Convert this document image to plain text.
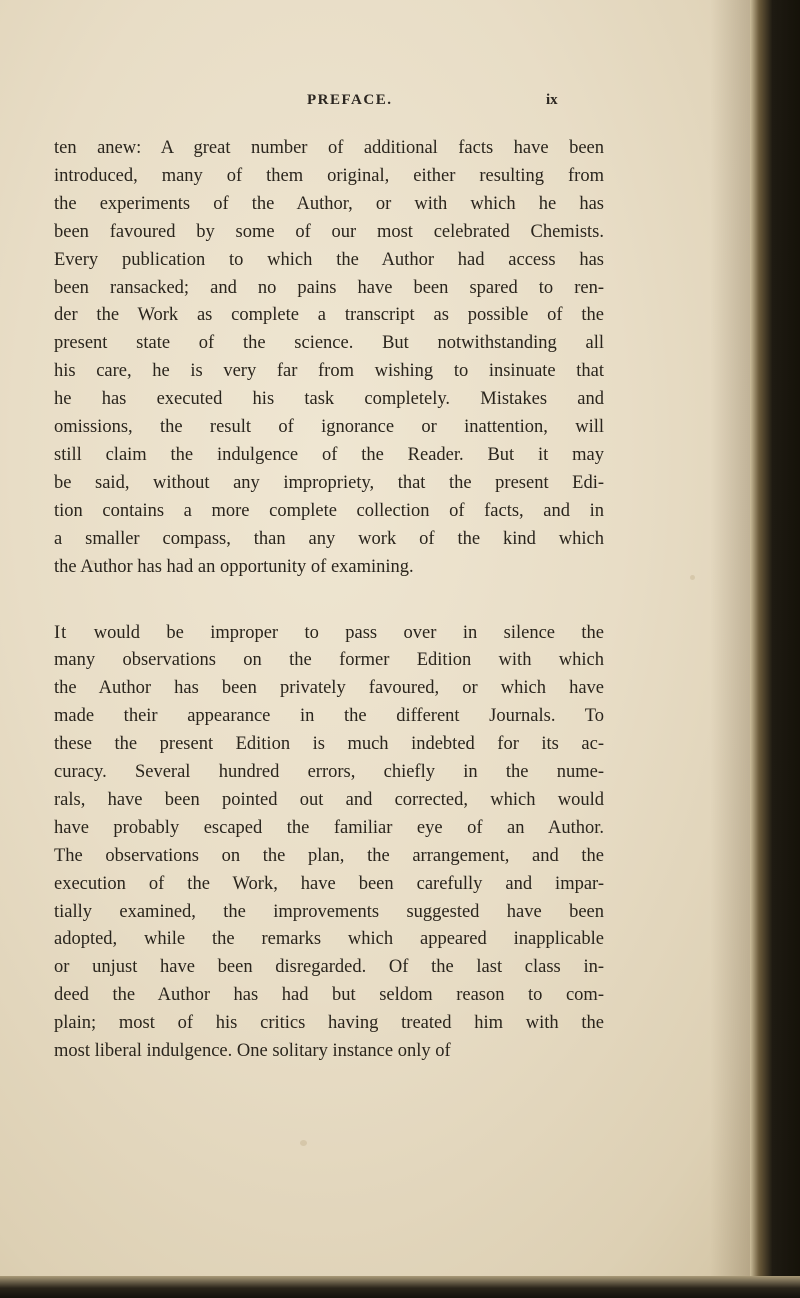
PREFACE.	ix
ten anew: A great number of additional facts have been
introduced, many of them original, either resulting from
the experiments of the Author, or with which he has
been favoured by some of our most celebrated Chemists.
Every publication to which the Author had access has
been ransacked; and no pains have been spared to ren-
der the Work as complete a transcript as possible of the
present state of the science. But notwithstanding all
his care, he is very far from wishing to insinuate that
he has executed his task completely. Mistakes and
omissions, the result of ignorance or inattention, will
still claim the indulgence of the Reader. But it may
be said, without any impropriety, that the present Edi-
tion contains a more complete collection of facts, and in
a smaller compass, than any work of the kind which
the Author has had an opportunity of examining.
It would be improper to pass over in silence the
many observations on the former Edition with which
the Author has been privately favoured, or which have
made their appearance in the different Journals. To
these the present Edition is much indebted for its ac-
curacy. Several hundred errors, chiefly in the nume-
rals, have been pointed out and corrected, which would
have probably escaped the familiar eye of an Author.
The observations on the plan, the arrangement, and the
execution of the Work, have been carefully and impar-
tially examined, the improvements suggested have been
adopted, while the remarks which appeared inapplicable
or unjust have been disregarded. Of the last class in-
deed the Author has had but seldom reason to com-
plain; most of his critics having treated him with the
most liberal indulgence. One solitary instance only of
